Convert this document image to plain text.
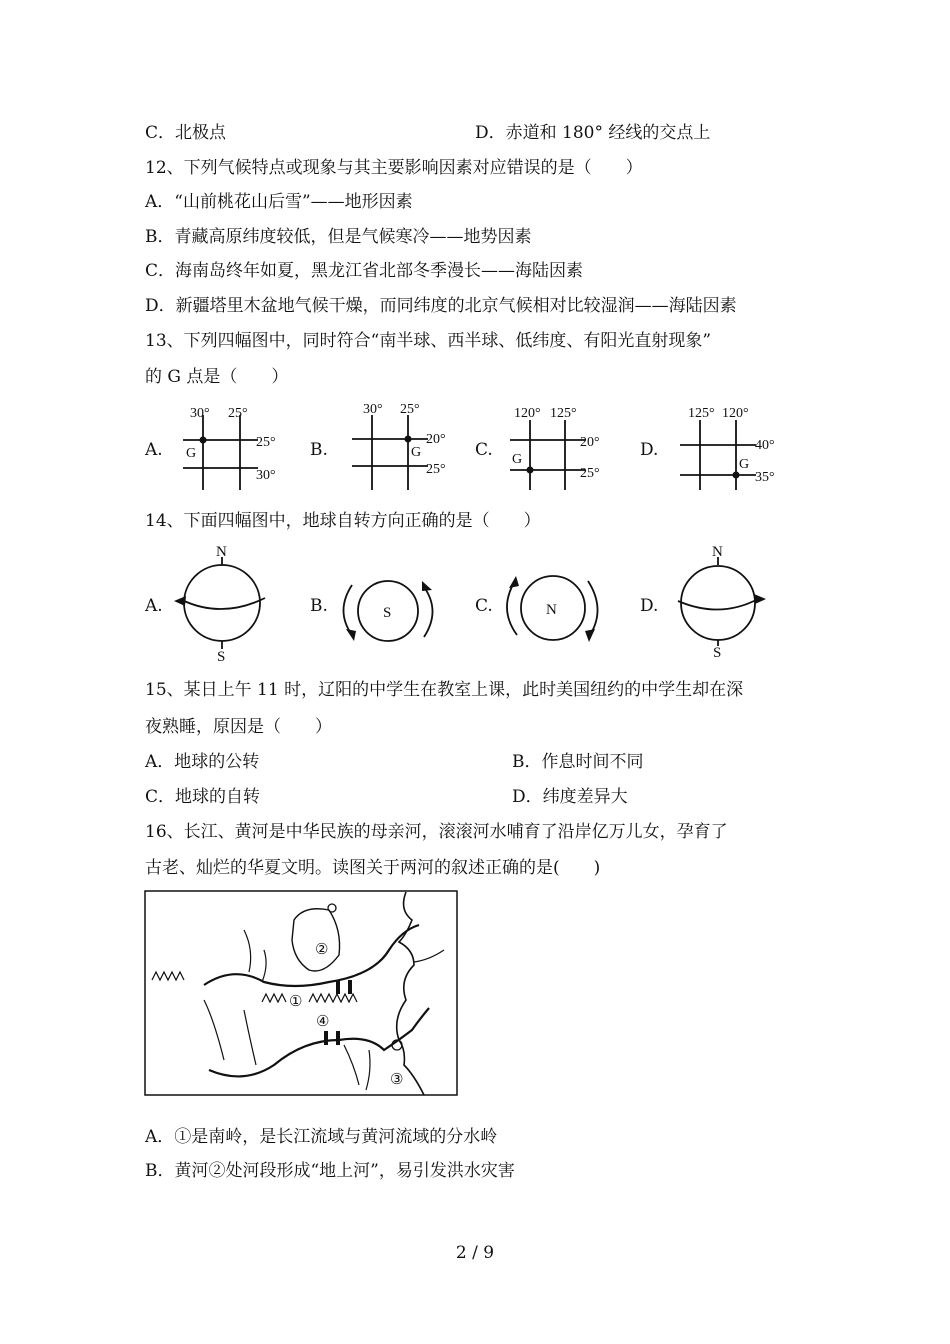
C．北极点	D．赤道和 180° 经线的交点上
12、下列气候特点或现象与其主要影响因素对应错误的是（　　）
A．“山前桃花山后雪”——地形因素
B．青藏高原纬度较低，但是气候寒冷——地势因素
C．海南岛终年如夏，黑龙江省北部冬季漫长——海陆因素
D．新疆塔里木盆地气候干燥，而同纬度的北京气候相对比较湿润——海陆因素
13、下列四幅图中，同时符合“南半球、西半球、低纬度、有阳光直射现象”
的 G 点是（　　）
A.	B.	C.	D.
30° 25°
25°
30°
G
30° 25°
20°
25°
G
120° 125°
20°
25°
G
125° 120°
40°
35°
G
14、下面四幅图中，地球自转方向正确的是（　　）
A.	B.	C.	D.
N
S
S	N
N
S
15、某日上午 11 时，辽阳的中学生在教室上课，此时美国纽约的中学生却在深
夜熟睡，原因是（　　）
A．地球的公转	B．作息时间不同
C．地球的自转	D．纬度差异大
16、长江、黄河是中华民族的母亲河，滚滚河水哺育了沿岸亿万儿女，孕育了
古老、灿烂的华夏文明。读图关于两河的叙述正确的是(　　)
①
②
③
④
A．①是南岭，是长江流域与黄河流域的分水岭
B．黄河②处河段形成“地上河”，易引发洪水灾害
2 / 9
